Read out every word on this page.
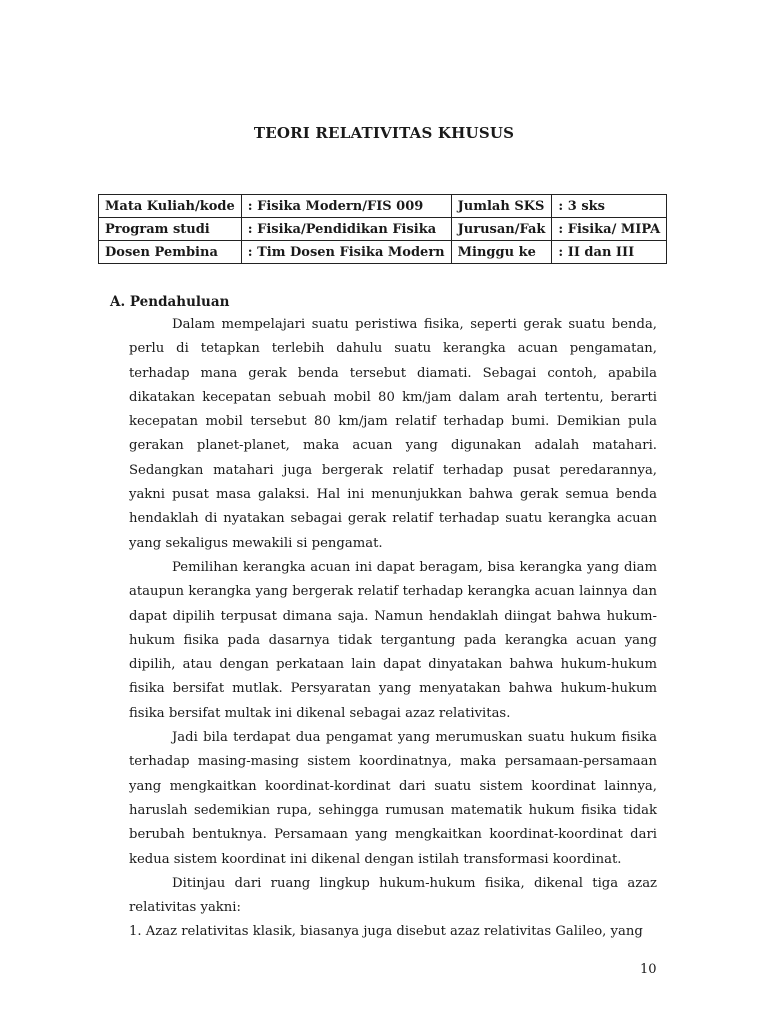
TEORI RELATIVITAS KHUSUS
Mata Kuliah/kode	: Fisika Modern/FIS 009	Jumlah SKS	: 3 sks
Program studi	: Fisika/Pendidikan Fisika	Jurusan/Fak	: Fisika/ MIPA
Dosen Pembina	: Tim Dosen Fisika Modern	Minggu ke	: II dan III
A. Pendahuluan

Dalam mempelajari suatu peristiwa fisika, seperti gerak suatu benda, perlu di tetapkan terlebih dahulu suatu kerangka acuan pengamatan, terhadap mana gerak benda tersebut diamati. Sebagai contoh, apabila dikatakan kecepatan sebuah mobil 80 km/jam dalam arah tertentu, berarti kecepatan mobil tersebut 80 km/jam relatif terhadap bumi. Demikian pula gerakan planet-planet, maka acuan yang digunakan adalah matahari. Sedangkan matahari juga bergerak relatif terhadap pusat peredarannya, yakni pusat masa galaksi. Hal ini menunjukkan bahwa gerak semua benda hendaklah di nyatakan sebagai gerak relatif terhadap suatu kerangka acuan yang sekaligus mewakili si pengamat.

Pemilihan kerangka acuan ini dapat beragam, bisa kerangka yang diam ataupun kerangka yang bergerak relatif terhadap kerangka acuan lainnya dan dapat dipilih terpusat dimana saja. Namun hendaklah diingat bahwa hukum-hukum fisika pada dasarnya tidak tergantung pada kerangka acuan yang dipilih, atau dengan perkataan lain dapat dinyatakan bahwa hukum-hukum fisika bersifat mutlak. Persyaratan yang menyatakan bahwa hukum-hukum fisika bersifat multak ini dikenal sebagai azaz relativitas.

Jadi bila terdapat dua pengamat yang merumuskan suatu hukum fisika terhadap masing-masing sistem koordinatnya, maka persamaan-persamaan yang mengkaitkan koordinat-kordinat dari suatu sistem koordinat lainnya, haruslah sedemikian rupa, sehingga rumusan matematik hukum fisika tidak berubah bentuknya. Persamaan yang mengkaitkan koordinat-koordinat dari kedua sistem koordinat ini dikenal dengan istilah transformasi koordinat.

Ditinjau dari ruang lingkup hukum-hukum fisika, dikenal tiga azaz relativitas yakni:

1. Azaz relativitas klasik, biasanya juga disebut azaz relativitas Galileo, yang

10
